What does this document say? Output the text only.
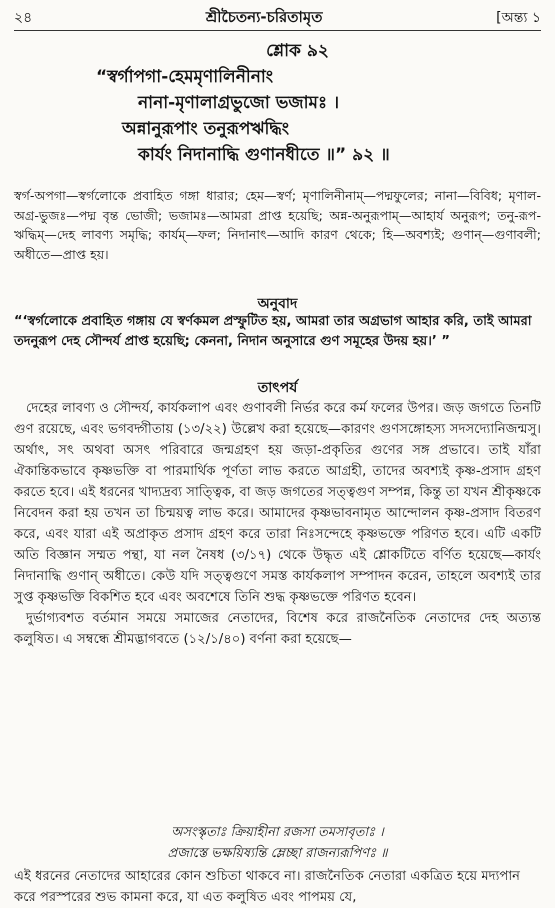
২৪	শ্রীচৈতন্য-চরিতামৃত	[অন্ত্য ১
শ্লোক ৯২
“স্বর্গাপগা-হেমমৃণালিনীনাং
নানা-মৃণালাগ্রভুজো ভজামঃ ।
অন্নানুরূপাং তনুরূপঋদ্ধিং
কার্যং নিদানাদ্ধি গুণানধীতে ॥” ৯২ ॥
স্বর্গ-অপগা—স্বর্গলোকে প্রবাহিত গঙ্গা ধারার; হেম—স্বর্ণ; মৃণালিনীনাম্—পদ্মফুলের; নানা—বিবিধ; মৃণাল-অগ্র-ভুজঃ—পদ্ম বৃন্ত ভোজী; ভজামঃ—আমরা প্রাপ্ত হয়েছি; অন্ন-অনুরূপাম্—আহার্য অনুরূপ; তনু-রূপ-ঋদ্ধিম্—দেহ লাবণ্য সমৃদ্ধি; কার্যম্—ফল; নিদানাৎ—আদি কারণ থেকে; হি—অবশ্যই; গুণান্—গুণাবলী; অধীতে—প্রাপ্ত হয়।
অনুবাদ
“‘স্বর্গলোকে প্রবাহিত গঙ্গায় যে স্বর্ণকমল প্রস্ফুটিত হয়, আমরা তার অগ্রভাগ আহার করি, তাই আমরা তদনুরূপ দেহ সৌন্দর্য প্রাপ্ত হয়েছি; কেননা, নিদান অনুসারে গুণ সমূহের উদয় হয়।’ ”
তাৎপর্য

দেহের লাবণ্য ও সৌন্দর্য, কার্যকলাপ এবং গুণাবলী নির্ভর করে কর্ম ফলের উপর। জড় জগতে তিনটি গুণ রয়েছে, এবং ভগবদ্গীতায় (১৩/২২) উল্লেখ করা হয়েছে—কারণং গুণসঙ্গোহস্য সদসদ্যোনিজন্মসু। অর্থাৎ, সৎ অথবা অসৎ পরিবারে জন্মগ্রহণ হয় জড়া-প্রকৃতির গুণের সঙ্গ প্রভাবে। তাই যাঁরা ঐকান্তিকভাবে কৃষ্ণভক্তি বা পারমার্থিক পূর্ণতা লাভ করতে আগ্রহী, তাদের অবশ্যই কৃষ্ণ-প্রসাদ গ্রহণ করতে হবে। এই ধরনের খাদ্যদ্রব্য সাত্ত্বিক, বা জড় জগতের সত্ত্বগুণ সম্পন্ন, কিন্তু তা যখন শ্রীকৃষ্ণকে নিবেদন করা হয় তখন তা চিন্ময়ত্ব লাভ করে। আমাদের কৃষ্ণভাবনামৃত আন্দোলন কৃষ্ণ-প্রসাদ বিতরণ করে, এবং যারা এই অপ্রাকৃত প্রসাদ গ্রহণ করে তারা নিঃসন্দেহে কৃষ্ণভক্তে পরিণত হবে। এটি একটি অতি বিজ্ঞান সম্মত পন্থা, যা নল নৈষধ (৩/১৭) থেকে উদ্ধৃত এই শ্লোকটিতে বর্ণিত হয়েছে—কার্যং নিদানাদ্ধি গুণান্ অধীতে। কেউ যদি সত্ত্বগুণে সমস্ত কার্যকলাপ সম্পাদন করেন, তাহলে অবশ্যই তার সুপ্ত কৃষ্ণভক্তি বিকশিত হবে এবং অবশেষে তিনি শুদ্ধ কৃষ্ণভক্তে পরিণত হবেন।

দুর্ভাগ্যবশত বর্তমান সময়ে সমাজের নেতাদের, বিশেষ করে রাজনৈতিক নেতাদের দেহ অত্যন্ত কলুষিত। এ সম্বন্ধে শ্রীমদ্ভাগবতে (১২/১/৪০) বর্ণনা করা হয়েছে—

অসংস্কৃতাঃ ক্রিয়াহীনা রজসা তমসাবৃতাঃ ।
প্রজাস্তে ভক্ষয়িষ্যন্তি ম্লেচ্ছা রাজন্যরূপিণঃ ॥
এই ধরনের নেতাদের আহারের কোন শুচিতা থাকবে না। রাজনৈতিক নেতারা একত্রিত হয়ে মদ্যপান করে পরস্পরের শুভ কামনা করে, যা এত কলুষিত এবং পাপময় যে,
